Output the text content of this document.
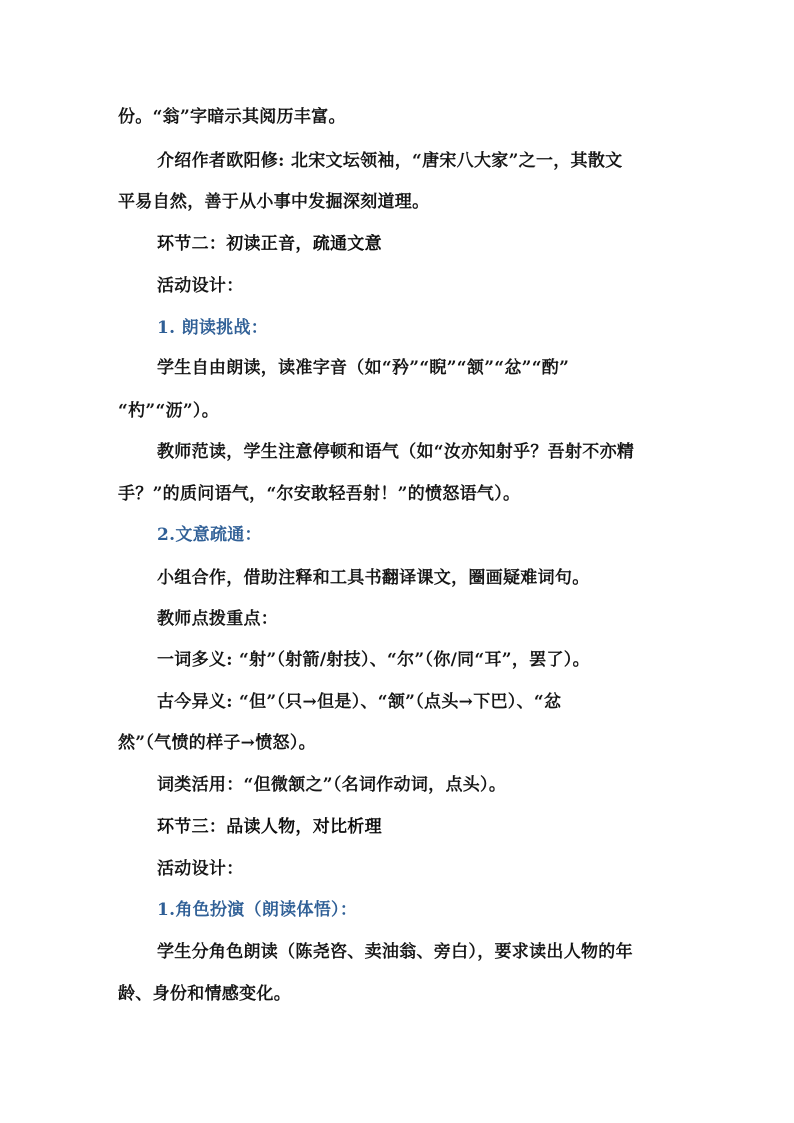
份。“翁”字暗示其阅历丰富。
介绍作者欧阳修: 北宋文坛领袖，“唐宋八大家”之一，其散文
平易自然，善于从小事中发掘深刻道理。
环节二：初读正音，疏通文意
活动设计：
1. 朗读挑战：
学生自由朗读，读准字音（如“矜”“睨”“颔”“忿”“酌”
“杓”“沥”）。
教师范读，学生注意停顿和语气（如“汝亦知射乎？吾射不亦精
手？”的质问语气，“尔安敢轻吾射！”的愤怒语气）。
2.文意疏通：
小组合作，借助注释和工具书翻译课文，圈画疑难词句。
教师点拨重点：
一词多义: “射”（射箭/射技）、“尔”（你/同“耳”，罢了）。
古今异义: “但”（只→但是）、“颔”（点头→下巴）、“忿
然”（气愤的样子→愤怒）。
词类活用：“但微颔之”（名词作动词，点头）。
环节三：品读人物，对比析理
活动设计：
1.角色扮演（朗读体悟）：
学生分角色朗读（陈尧咨、卖油翁、旁白），要求读出人物的年
龄、身份和情感变化。
